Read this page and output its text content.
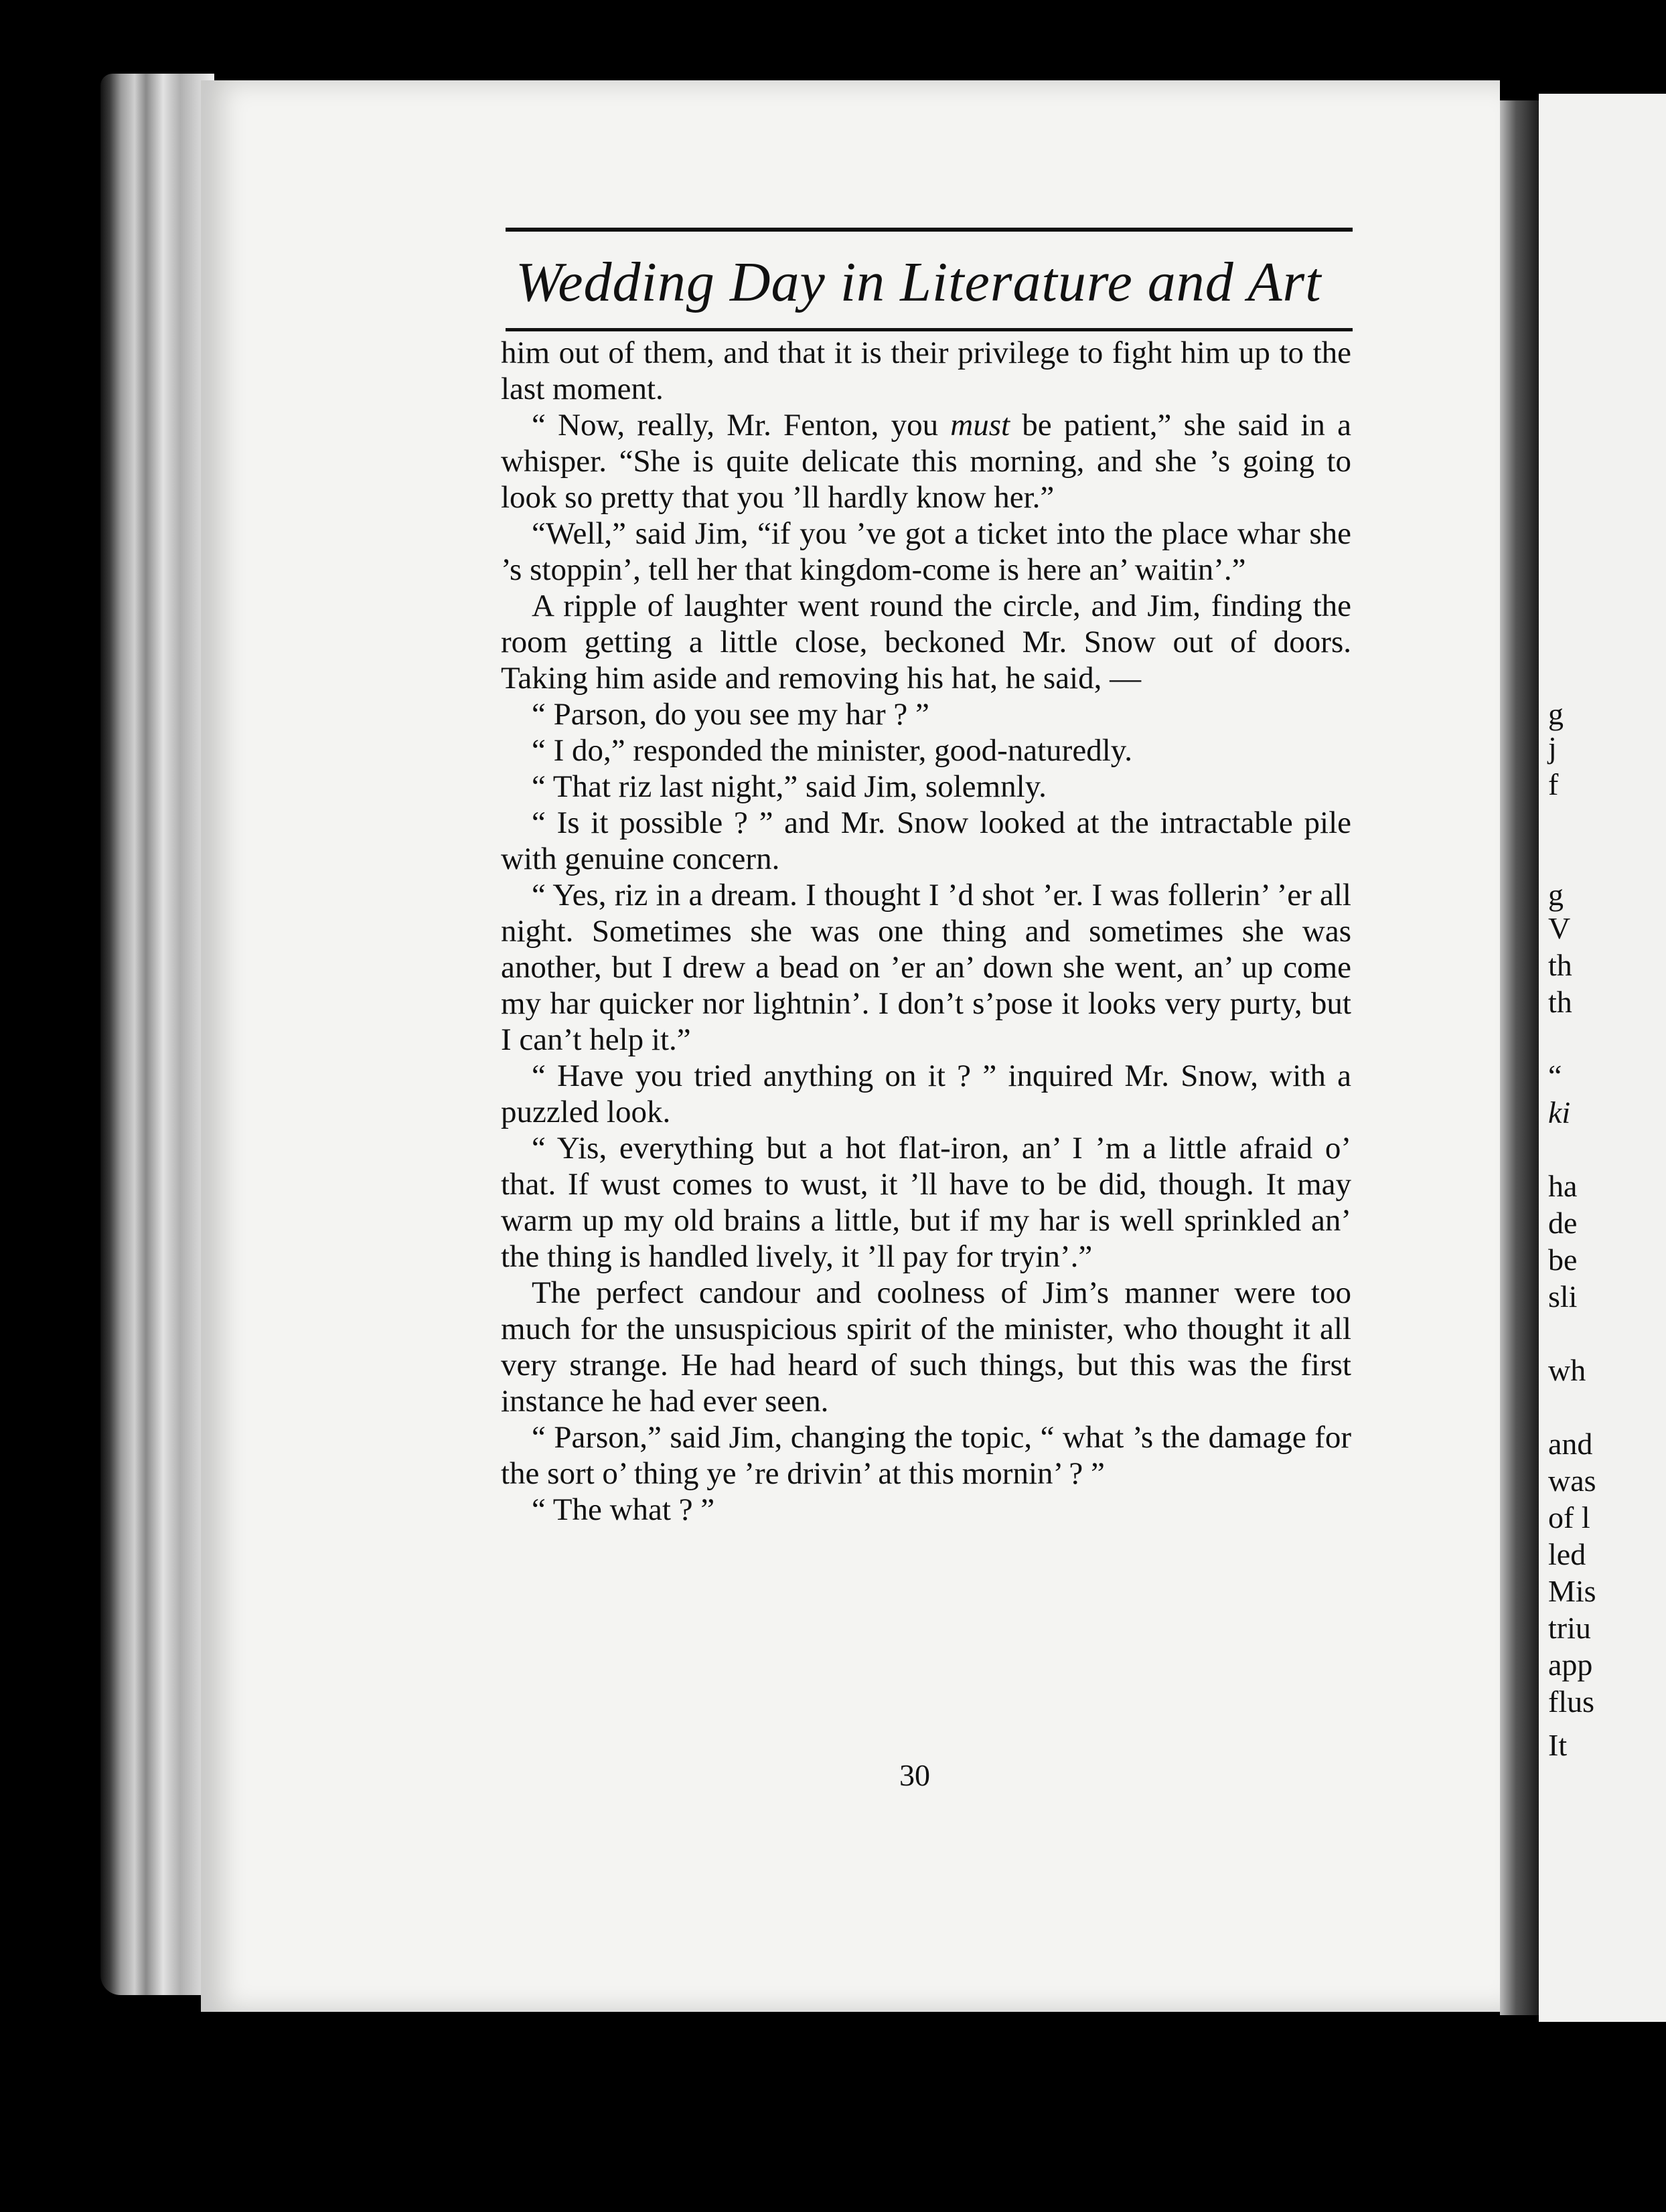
g
j
f
g
V
th
th
“
ki
ha
de
be
sli
wh
and
was
of l
led
Mis
triu
app
flus
It
Wedding Day in Literature and Art

him out of them, and that it is their privilege to fight him up to the last moment.

“ Now, really, Mr. Fenton, you must be patient,” she said in a whisper. “She is quite delicate this morning, and she ’s going to look so pretty that you ’ll hardly know her.”

“Well,” said Jim, “if you ’ve got a ticket into the place whar she ’s stoppin’, tell her that kingdom-come is here an’ waitin’.”

A ripple of laughter went round the circle, and Jim, finding the room getting a little close, beckoned Mr. Snow out of doors. Taking him aside and removing his hat, he said, —

“ Parson, do you see my har ? ”

“ I do,” responded the minister, good-naturedly.

“ That riz last night,” said Jim, solemnly.

“ Is it possible ? ” and Mr. Snow looked at the intractable pile with genuine concern.

“ Yes, riz in a dream. I thought I ’d shot ’er. I was follerin’ ’er all night. Sometimes she was one thing and sometimes she was another, but I drew a bead on ’er an’ down she went, an’ up come my har quicker nor lightnin’. I don’t s’pose it looks very purty, but I can’t help it.”

“ Have you tried anything on it ? ” inquired Mr. Snow, with a puzzled look.

“ Yis, everything but a hot flat-iron, an’ I ’m a little afraid o’ that. If wust comes to wust, it ’ll have to be did, though. It may warm up my old brains a little, but if my har is well sprinkled an’ the thing is handled lively, it ’ll pay for tryin’.”

The perfect candour and coolness of Jim’s manner were too much for the unsuspicious spirit of the minister, who thought it all very strange. He had heard of such things, but this was the first instance he had ever seen.

“ Parson,” said Jim, changing the topic, “ what ’s the damage for the sort o’ thing ye ’re drivin’ at this mornin’ ? ”

“ The what ? ”

30
